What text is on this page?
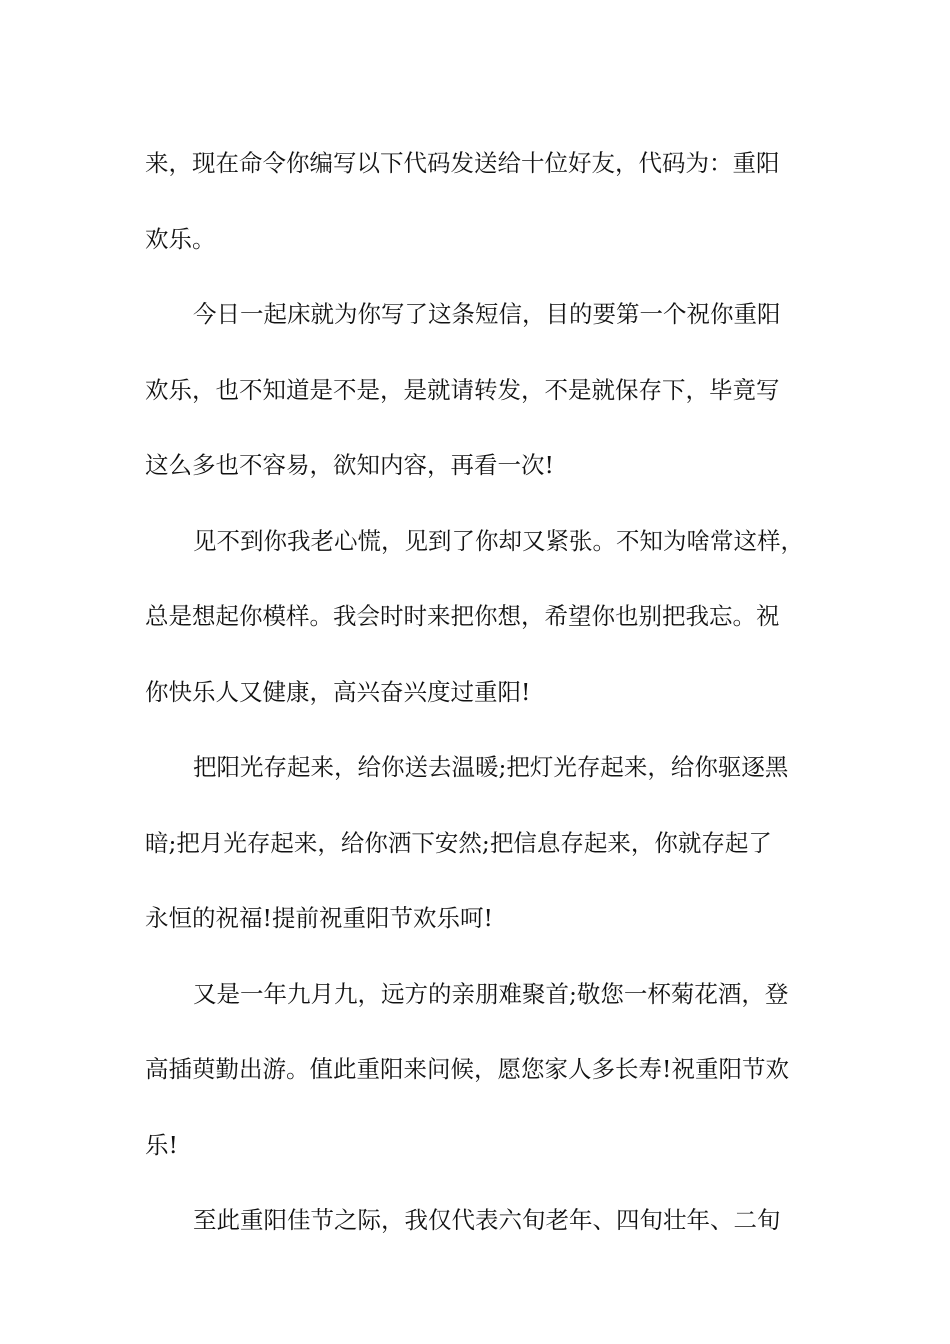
来，现在命令你编写以下代码发送给十位好友，代码为：重阳
欢乐。
今日一起床就为你写了这条短信，目的要第一个祝你重阳
欢乐，也不知道是不是，是就请转发，不是就保存下，毕竟写
这么多也不容易，欲知内容，再看一次!
见不到你我老心慌，见到了你却又紧张。不知为啥常这样，
总是想起你模样。我会时时来把你想，希望你也别把我忘。祝
你快乐人又健康，高兴奋兴度过重阳!
把阳光存起来，给你送去温暖;把灯光存起来，给你驱逐黑
暗;把月光存起来，给你洒下安然;把信息存起来，你就存起了
永恒的祝福!提前祝重阳节欢乐呵!
又是一年九月九，远方的亲朋难聚首;敬您一杯菊花酒，登
高插萸勤出游。值此重阳来问候，愿您家人多长寿!祝重阳节欢
乐!
至此重阳佳节之际，我仅代表六旬老年、四旬壮年、二旬
